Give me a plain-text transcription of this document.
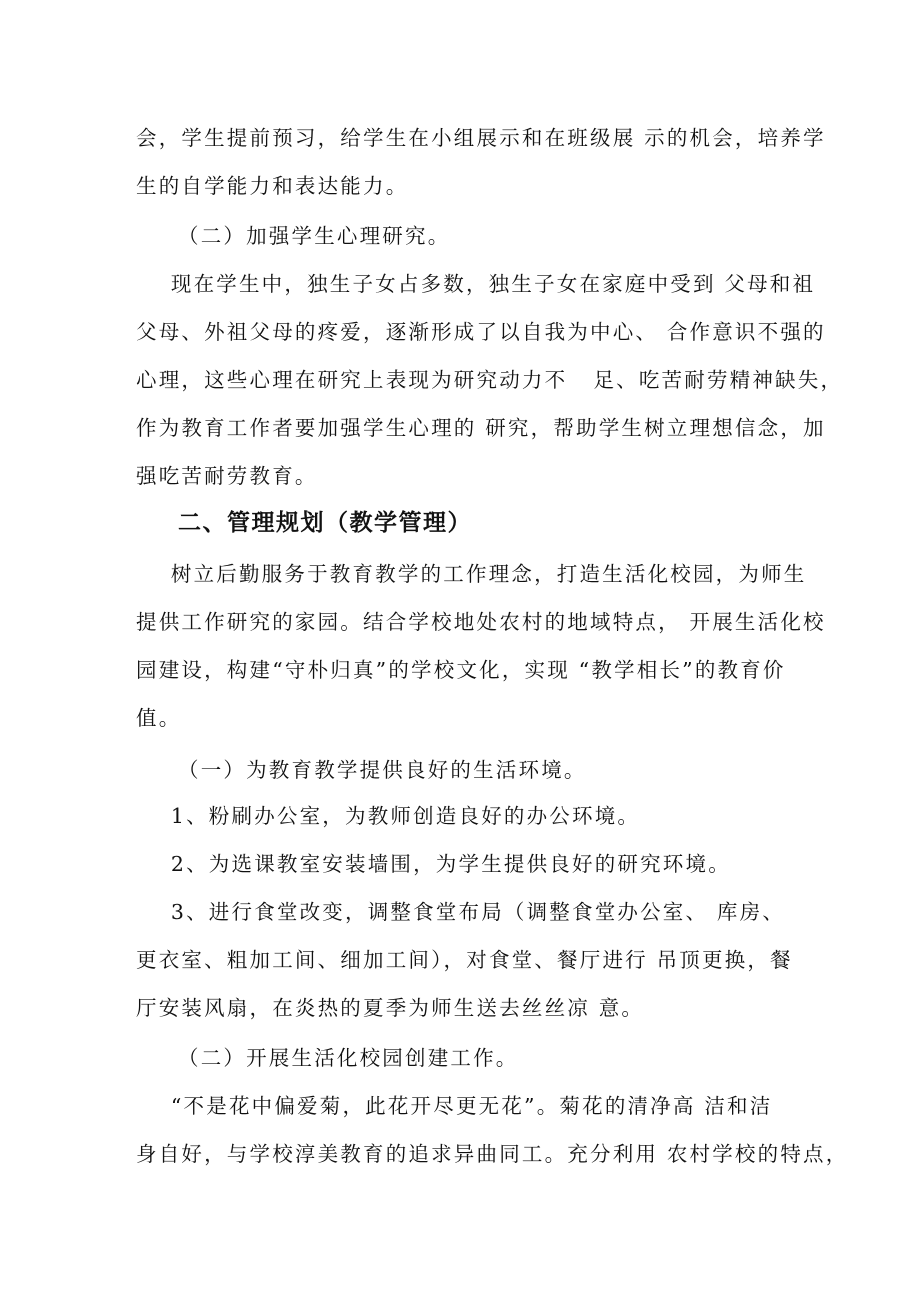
会，学生提前预习，给学生在小组展示和在班级展 示的机会，培养学
生的自学能力和表达能力。
（二）加强学生心理研究。
现在学生中，独生子女占多数，独生子女在家庭中受到 父母和祖
父母、外祖父母的疼爱，逐渐形成了以自我为中心、 合作意识不强的
心理，这些心理在研究上表现为研究动力不   足、吃苦耐劳精神缺失，
作为教育工作者要加强学生心理的 研究，帮助学生树立理想信念，加
强吃苦耐劳教育。
二、管理规划（教学管理）
树立后勤服务于教育教学的工作理念，打造生活化校园，为师生
提供工作研究的家园。结合学校地处农村的地域特点， 开展生活化校
园建设，构建“守朴归真”的学校文化，实现 “教学相长”的教育价
值。
（一）为教育教学提供良好的生活环境。
1、粉刷办公室，为教师创造良好的办公环境。
2、为选课教室安装墙围，为学生提供良好的研究环境。
3、进行食堂改变，调整食堂布局（调整食堂办公室、 库房、
更衣室、粗加工间、细加工间），对食堂、餐厅进行 吊顶更换，餐
厅安装风扇，在炎热的夏季为师生送去丝丝凉 意。
（二）开展生活化校园创建工作。
“不是花中偏爱菊，此花开尽更无花”。菊花的清净高 洁和洁
身自好，与学校淳美教育的追求异曲同工。充分利用 农村学校的特点，
